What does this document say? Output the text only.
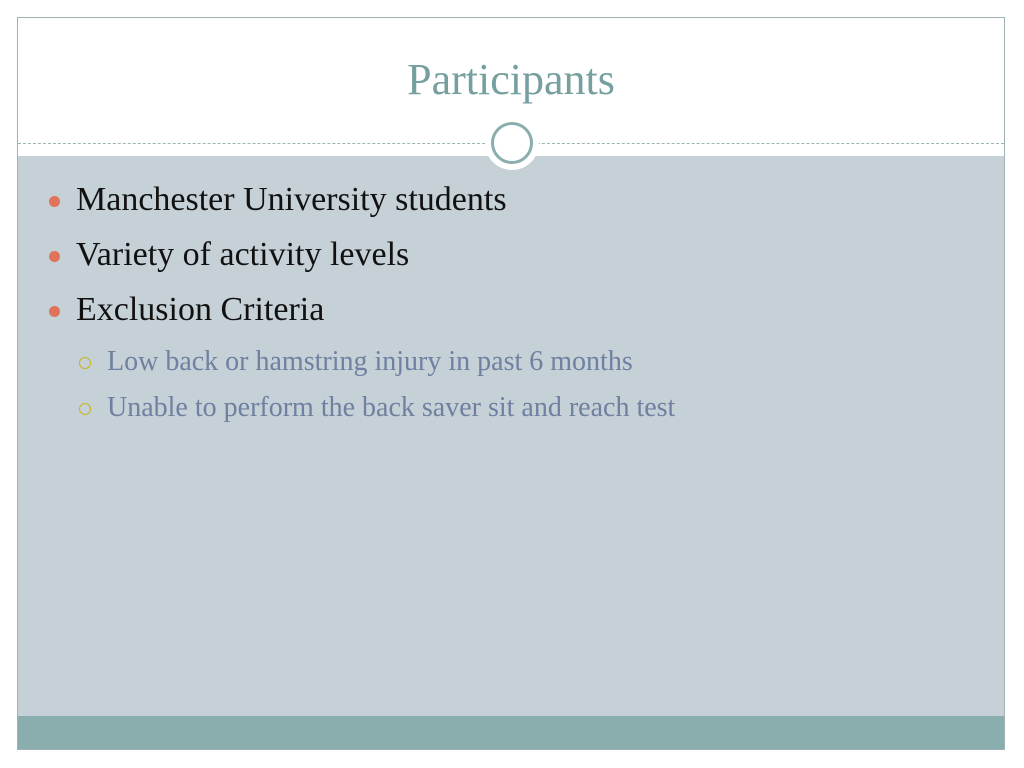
Participants
Manchester University students
Variety of activity levels
Exclusion Criteria
Low back or hamstring injury in past 6 months
Unable to perform the back saver sit and reach test
